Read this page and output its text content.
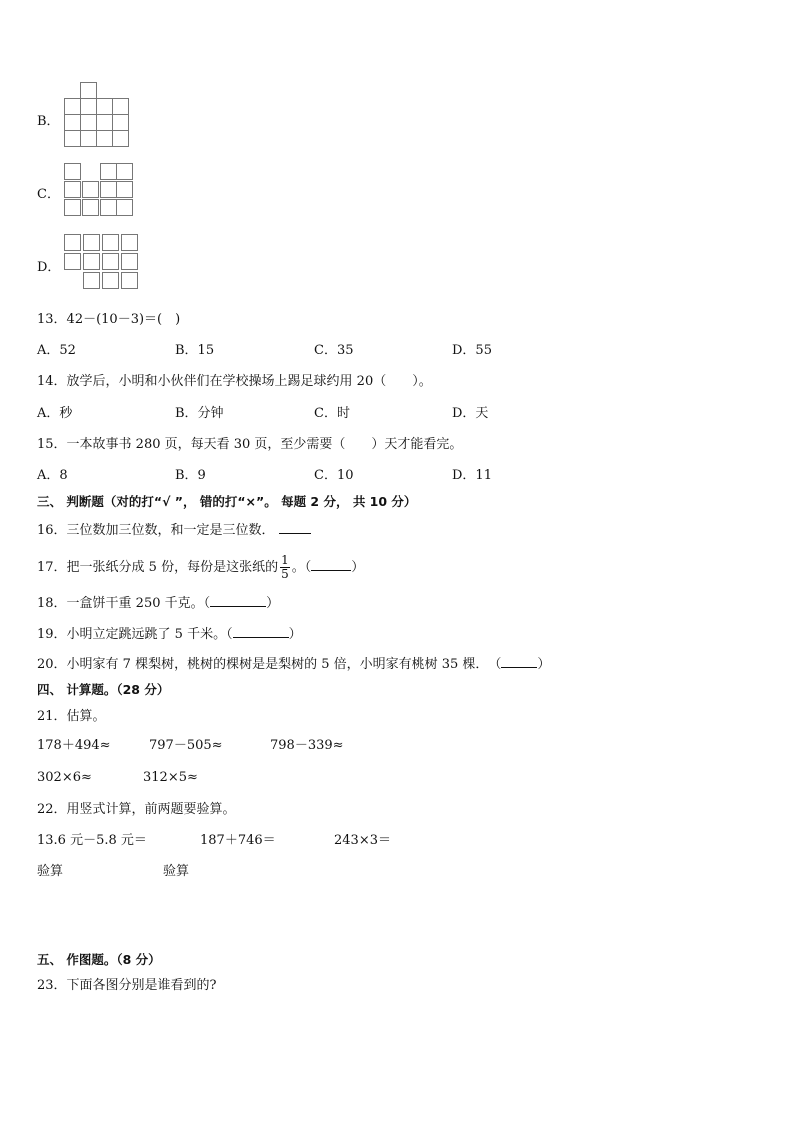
B．
C．
D．
13．42－(10－3)＝(　)
A．52	B．15	C．35	D．55
14．放学后，小明和小伙伴们在学校操场上踢足球约用 20（　　）。
A．秒	B．分钟	C．时	D．天
15．一本故事书 280 页，每天看 30 页，至少需要（　　）天才能看完。
A．8	B．9	C．10	D．11
三、 判断题（对的打“√ ”， 错的打“×”。 每题 2 分， 共 10 分）
16．三位数加三位数，和一定是三位数．
17．把一张纸分成 5 份，每份是这张纸的 $\frac{1}{5}$ 。（	）
18．一盒饼干重 250 千克。（	）
19．小明立定跳远跳了 5 千米。（	）
20．小明家有 7 棵梨树，桃树的棵树是是梨树的 5 倍，小明家有桃树 35 棵．　（	）
四、 计算题。（28 分）
21．估算。
178＋494≈	797－505≈	798－339≈
302×6≈	312×5≈
22．用竖式计算，前两题要验算。
13.6 元－5.8 元＝	187＋746＝	243×3＝
验算	验算
五、 作图题。（8 分）
23．下面各图分别是谁看到的?
